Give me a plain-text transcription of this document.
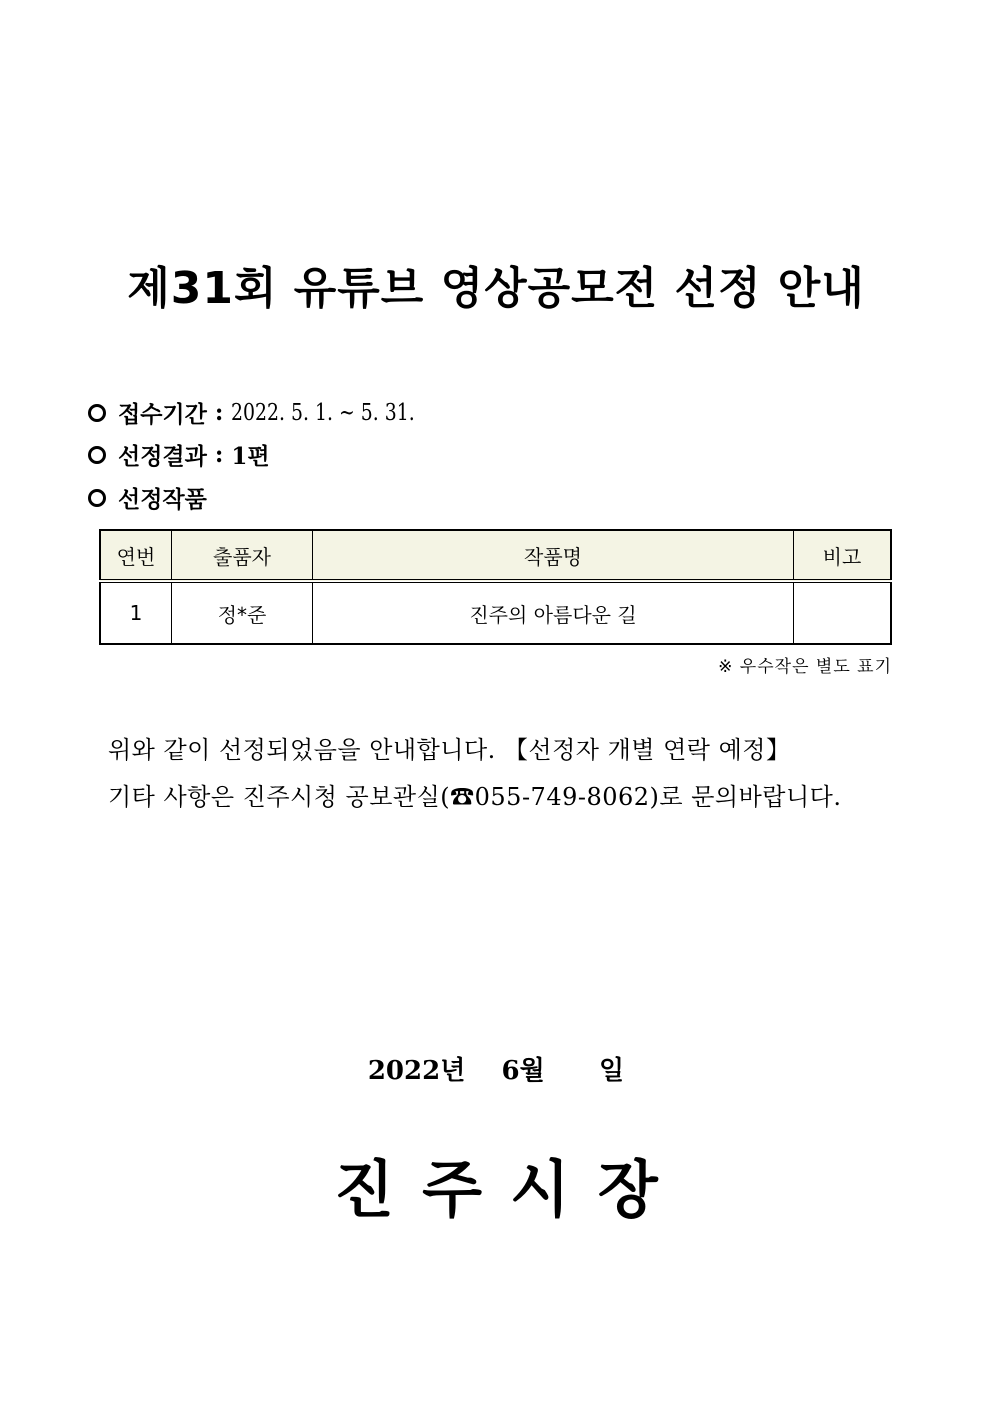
제31회 유튜브 영상공모전 선정 안내
접수기간 : 2022. 5. 1. ~ 5. 31.
선정결과 : 1편
선정작품
연번	출품자	작품명	비고
1	정*준	진주의 아름다운 길	
※ 우수작은 별도 표기
위와 같이 선정되었음을 안내합니다. 【선정자 개별 연락 예정】
기타 사항은 진주시청 공보관실(☎055-749-8062)로 문의바랍니다.
2022년    6월      일
진주시장
